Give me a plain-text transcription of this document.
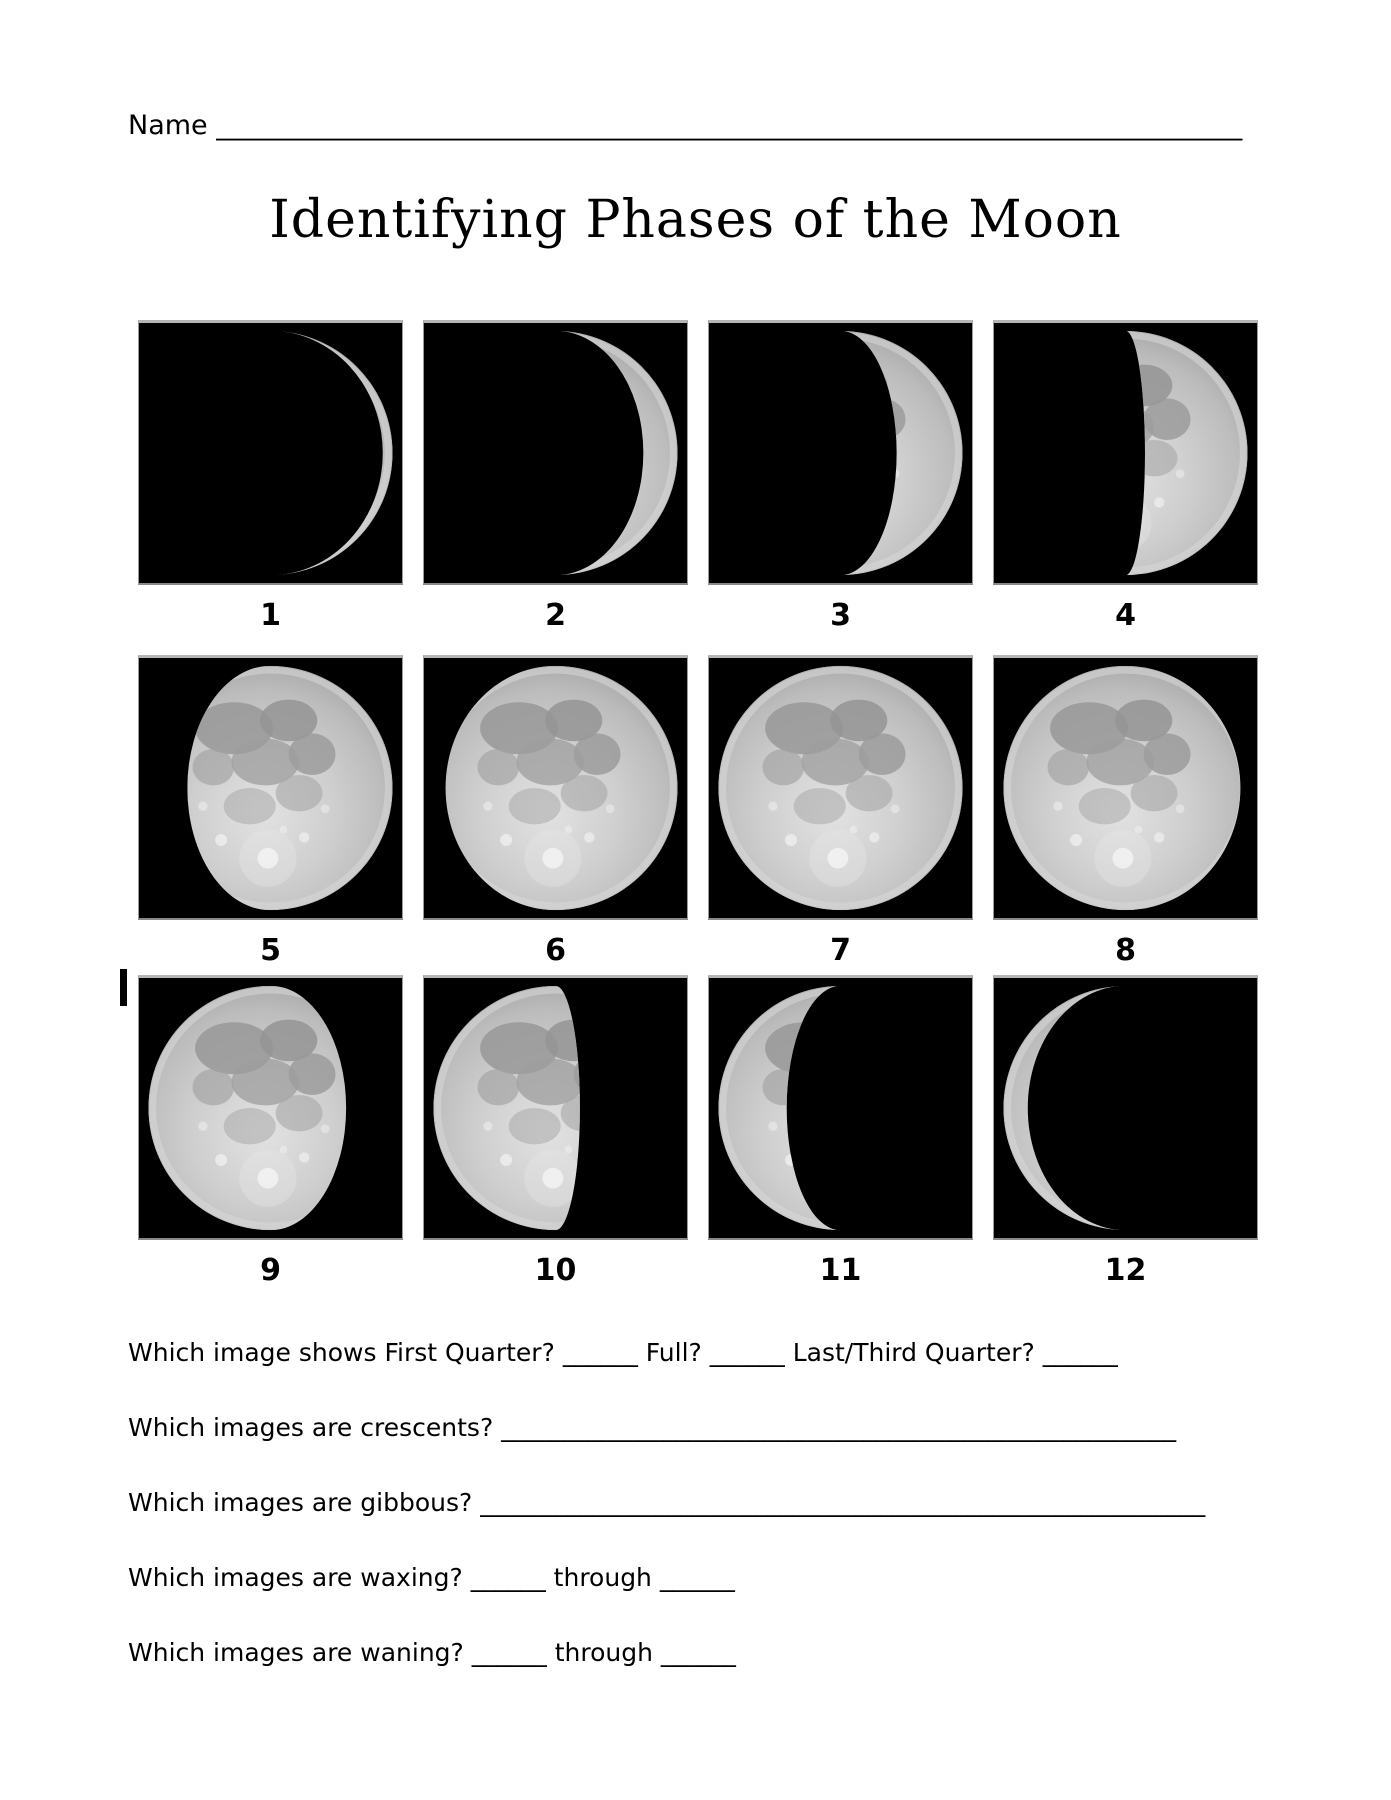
Name ____________________________________________________________________________
Identifying Phases of the Moon
1	2	3	4
5	6	7	8
9	10	11	12
Which image shows First Quarter? ______ Full? ______ Last/Third Quarter? ______
Which images are crescents? ______________________________________________________
Which images are gibbous? __________________________________________________________
Which images are waxing? ______ through ______
Which images are waning? ______ through ______
